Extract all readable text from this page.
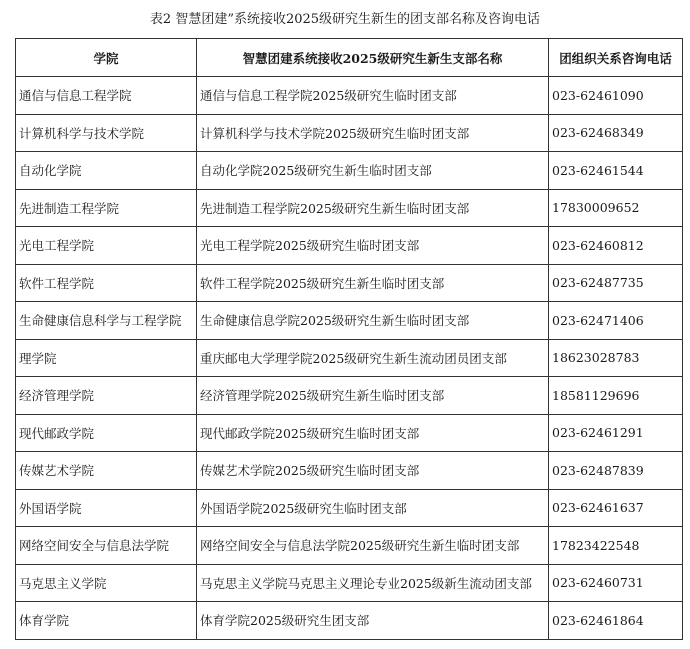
表2 智慧团建”系统接收2025级研究生新生的团支部名称及咨询电话
学院	智慧团建系统接收2025级研究生新生支部名称	团组织关系咨询电话
通信与信息工程学院	通信与信息工程学院2025级研究生临时团支部	023-62461090
计算机科学与技术学院	计算机科学与技术学院2025级研究生临时团支部	023-62468349
自动化学院	自动化学院2025级研究生新生临时团支部	023-62461544
先进制造工程学院	先进制造工程学院2025级研究生新生临时团支部	17830009652
光电工程学院	光电工程学院2025级研究生临时团支部	023-62460812
软件工程学院	软件工程学院2025级研究生新生临时团支部	023-62487735
生命健康信息科学与工程学院	生命健康信息学院2025级研究生新生临时团支部	023-62471406
理学院	重庆邮电大学理学院2025级研究生新生流动团员团支部	18623028783
经济管理学院	经济管理学院2025级研究生新生临时团支部	18581129696
现代邮政学院	现代邮政学院2025级研究生临时团支部	023-62461291
传媒艺术学院	传媒艺术学院2025级研究生临时团支部	023-62487839
外国语学院	外国语学院2025级研究生临时团支部	023-62461637
网络空间安全与信息法学院	网络空间安全与信息法学院2025级研究生新生临时团支部	17823422548
马克思主义学院	马克思主义学院马克思主义理论专业2025级新生流动团支部	023-62460731
体育学院	体育学院2025级研究生团支部	023-62461864
